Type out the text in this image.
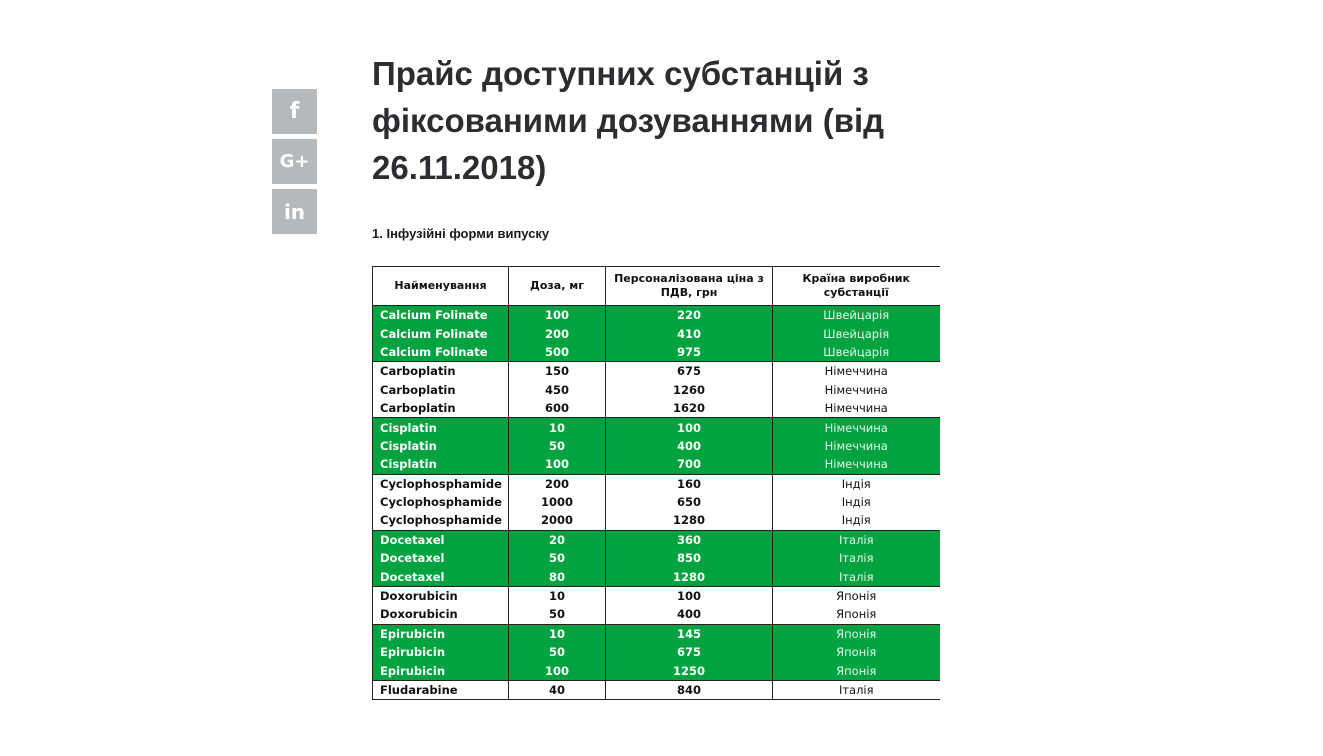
f
G+
in
Прайс доступних субстанцій з фіксованими дозуваннями (від 26.11.2018)

1. Інфузійні форми випуску

Найменування	Доза, мг	Персоналізована ціна з ПДВ, грн	Країна виробник субстанції
Calcium Folinate	100	220	Швейцарія
Calcium Folinate	200	410	Швейцарія
Calcium Folinate	500	975	Швейцарія
Carboplatin	150	675	Німеччина
Carboplatin	450	1260	Німеччина
Carboplatin	600	1620	Німеччина
Cisplatin	10	100	Німеччина
Cisplatin	50	400	Німеччина
Cisplatin	100	700	Німеччина
Cyclophosphamide	200	160	Індія
Cyclophosphamide	1000	650	Індія
Cyclophosphamide	2000	1280	Індія
Docetaxel	20	360	Італія
Docetaxel	50	850	Італія
Docetaxel	80	1280	Італія
Doxorubicin	10	100	Японія
Doxorubicin	50	400	Японія
Epirubicin	10	145	Японія
Epirubicin	50	675	Японія
Epirubicin	100	1250	Японія
Fludarabine	40	840	Італія
